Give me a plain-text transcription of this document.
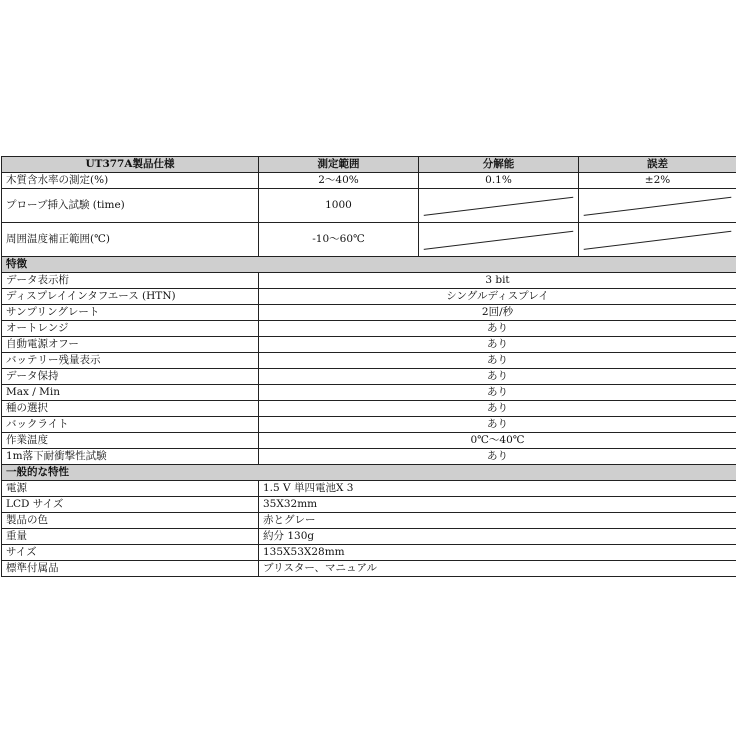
UT377A製品仕様	測定範囲	分解能	誤差
木質含水率の測定(%)	2～40%	0.1%	±2%
プローブ挿入試験 (time)	1000	

周囲温度補正範囲(℃)	-10～60℃	

特徴			
データ表示桁	3 bit		
ディスプレイインタフエース (HTN)	シングルディスプレイ		
サンプリングレート	2回/秒		
オートレンジ	あり		
自動電源オフー	あり		
バッテリー残量表示	あり		
データ保持	あり		
Max / Min	あり		
種の選択	あり		
バックライト	あり		
作業温度	0℃～40℃		
1m落下耐衝撃性試験	あり		
一般的な特性			
電源	1.5 V 単四電池X 3		
LCD サイズ	35X32mm		
製品の色	赤とグレー		
重量	約分 130g		
サイズ	135X53X28mm		
標準付属品	ブリスター、マニュアル		
